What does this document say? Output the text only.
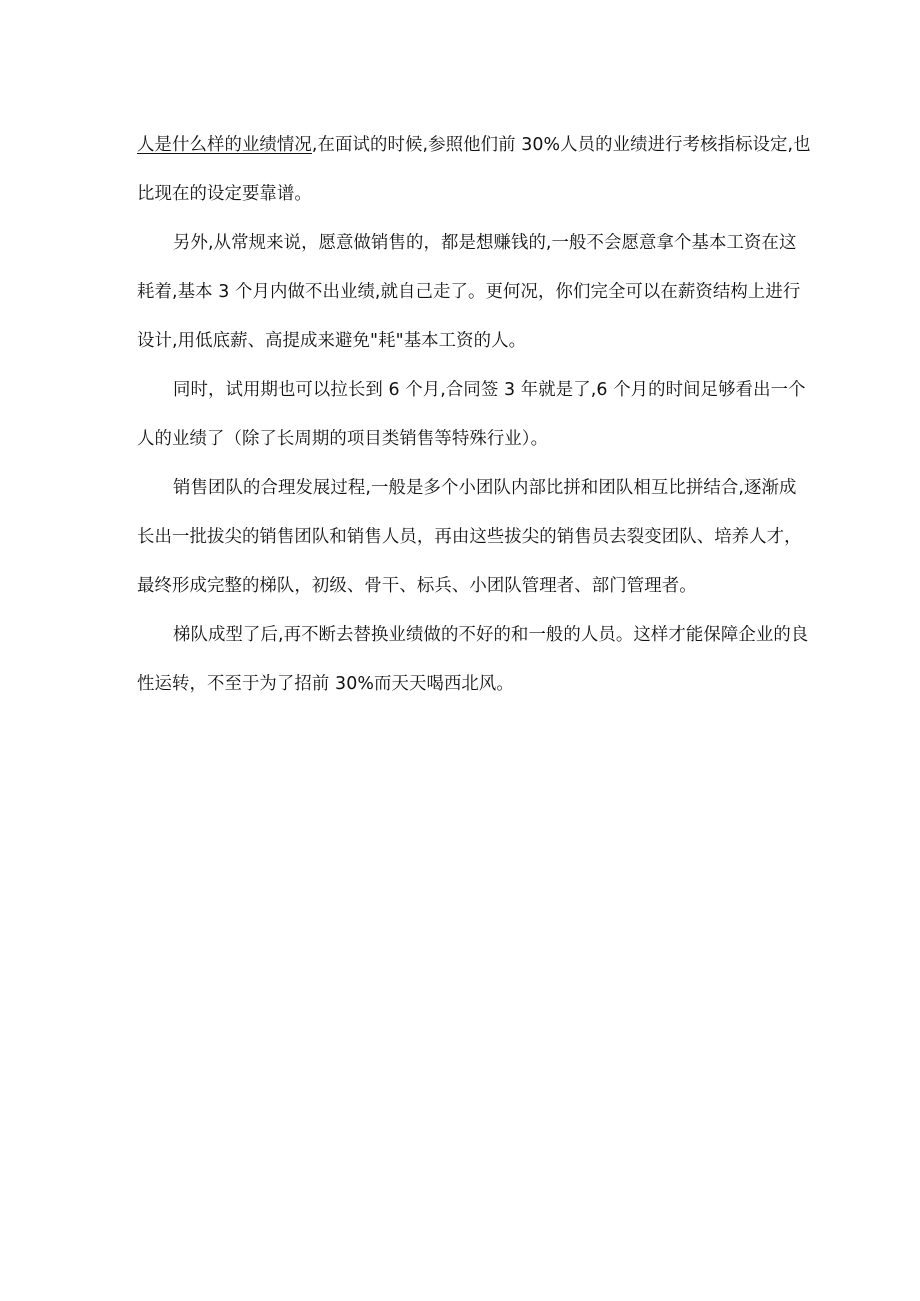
人是什么样的业绩情况,在面试的时候,参照他们前 30%人员的业绩进行考核指标设定,也
比现在的设定要靠谱。

另外,从常规来说，愿意做销售的，都是想赚钱的,一般不会愿意拿个基本工资在这
耗着,基本 3 个月内做不出业绩,就自己走了。更何况，你们完全可以在薪资结构上进行
设计,用低底薪、高提成来避免"耗"基本工资的人。

同时，试用期也可以拉长到 6 个月,合同签 3 年就是了,6 个月的时间足够看出一个
人的业绩了（除了长周期的项目类销售等特殊行业）。

销售团队的合理发展过程,一般是多个小团队内部比拼和团队相互比拼结合,逐渐成
长出一批拔尖的销售团队和销售人员，再由这些拔尖的销售员去裂变团队、培养人才，
最终形成完整的梯队，初级、骨干、标兵、小团队管理者、部门管理者。

梯队成型了后,再不断去替换业绩做的不好的和一般的人员。这样才能保障企业的良
性运转，不至于为了招前 30%而天天喝西北风。
